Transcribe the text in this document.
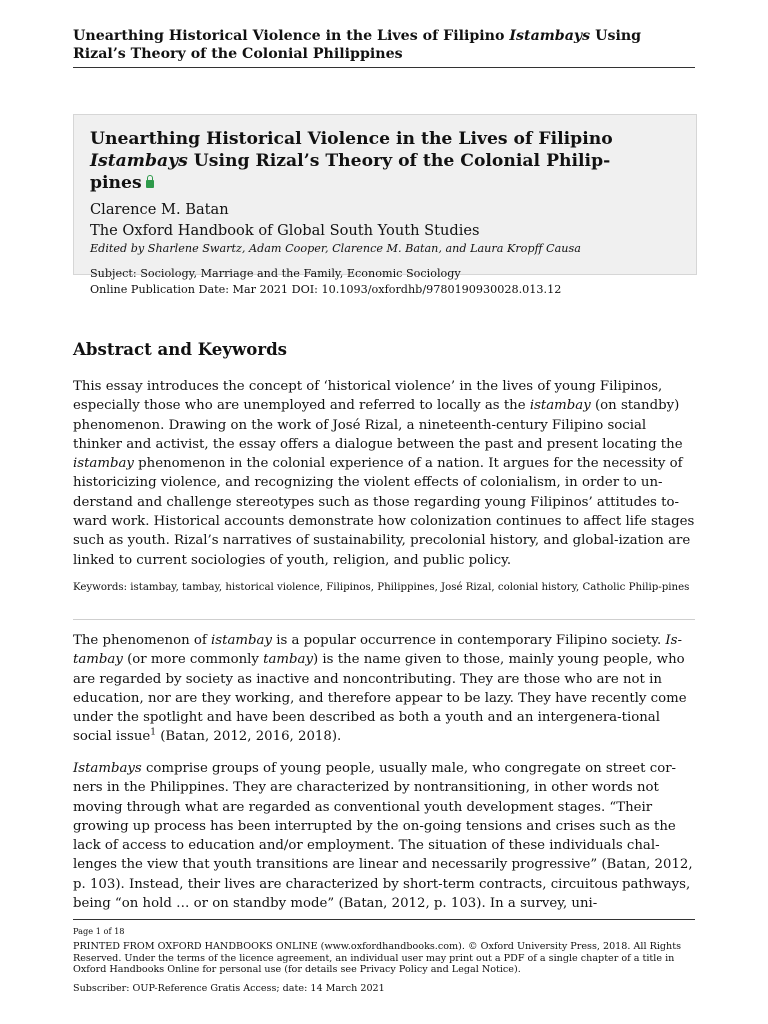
Unearthing Historical Violence in the Lives of Filipino Istambays Using Rizal’s Theory of the Colonial Philippines
Unearthing Historical Violence in the Lives of Filipino
Istambays Using Rizal’s Theory of the Colonial Philip-
pines
Clarence M. Batan
The Oxford Handbook of Global South Youth Studies
Edited by Sharlene Swartz, Adam Cooper, Clarence M. Batan, and Laura Kropff Causa
Subject: Sociology, Marriage and the Family, Economic Sociology
Online Publication Date: Mar 2021 DOI: 10.1093/oxfordhb/9780190930028.013.12
Abstract and Keywords

This essay introduces the concept of ‘historical violence’ in the lives of young Filipinos, especially those who are unemployed and referred to locally as the istambay (on standby) phenomenon. Drawing on the work of José Rizal, a nineteenth-century Filipino social thinker and activist, the essay offers a dialogue between the past and present locating the istambay phenomenon in the colonial experience of a nation. It argues for the necessity of historicizing violence, and recognizing the violent effects of colonialism, in order to un-derstand and challenge stereotypes such as those regarding young Filipinos’ attitudes to-ward work. Historical accounts demonstrate how colonization continues to affect life stages such as youth. Rizal’s narratives of sustainability, precolonial history, and global-ization are linked to current sociologies of youth, religion, and public policy.

Keywords: istambay, tambay, historical violence, Filipinos, Philippines, José Rizal, colonial history, Catholic Philip-pines

The phenomenon of istambay is a popular occurrence in contemporary Filipino society. Is-tambay (or more commonly tambay) is the name given to those, mainly young people, who are regarded by society as inactive and noncontributing. They are those who are not in education, nor are they working, and therefore appear to be lazy. They have recently come under the spotlight and have been described as both a youth and an intergenera-tional social issue$^1$ (Batan, 2012, 2016, 2018).

Istambays comprise groups of young people, usually male, who congregate on street cor-ners in the Philippines. They are characterized by nontransitioning, in other words not moving through what are regarded as conventional youth development stages. “Their growing up process has been interrupted by the on-going tensions and crises such as the lack of access to education and/or employment. The situation of these individuals chal-lenges the view that youth transitions are linear and necessarily progressive” (Batan, 2012, p. 103). Instead, their lives are characterized by short-term contracts, circuitous pathways, being “on hold … or on standby mode” (Batan, 2012, p. 103). In a survey, uni-

Page 1 of 18

PRINTED FROM OXFORD HANDBOOKS ONLINE (www.oxfordhandbooks.com). © Oxford University Press, 2018. All Rights Reserved. Under the terms of the licence agreement, an individual user may print out a PDF of a single chapter of a title in Oxford Handbooks Online for personal use (for details see Privacy Policy and Legal Notice).

Subscriber: OUP-Reference Gratis Access; date: 14 March 2021
